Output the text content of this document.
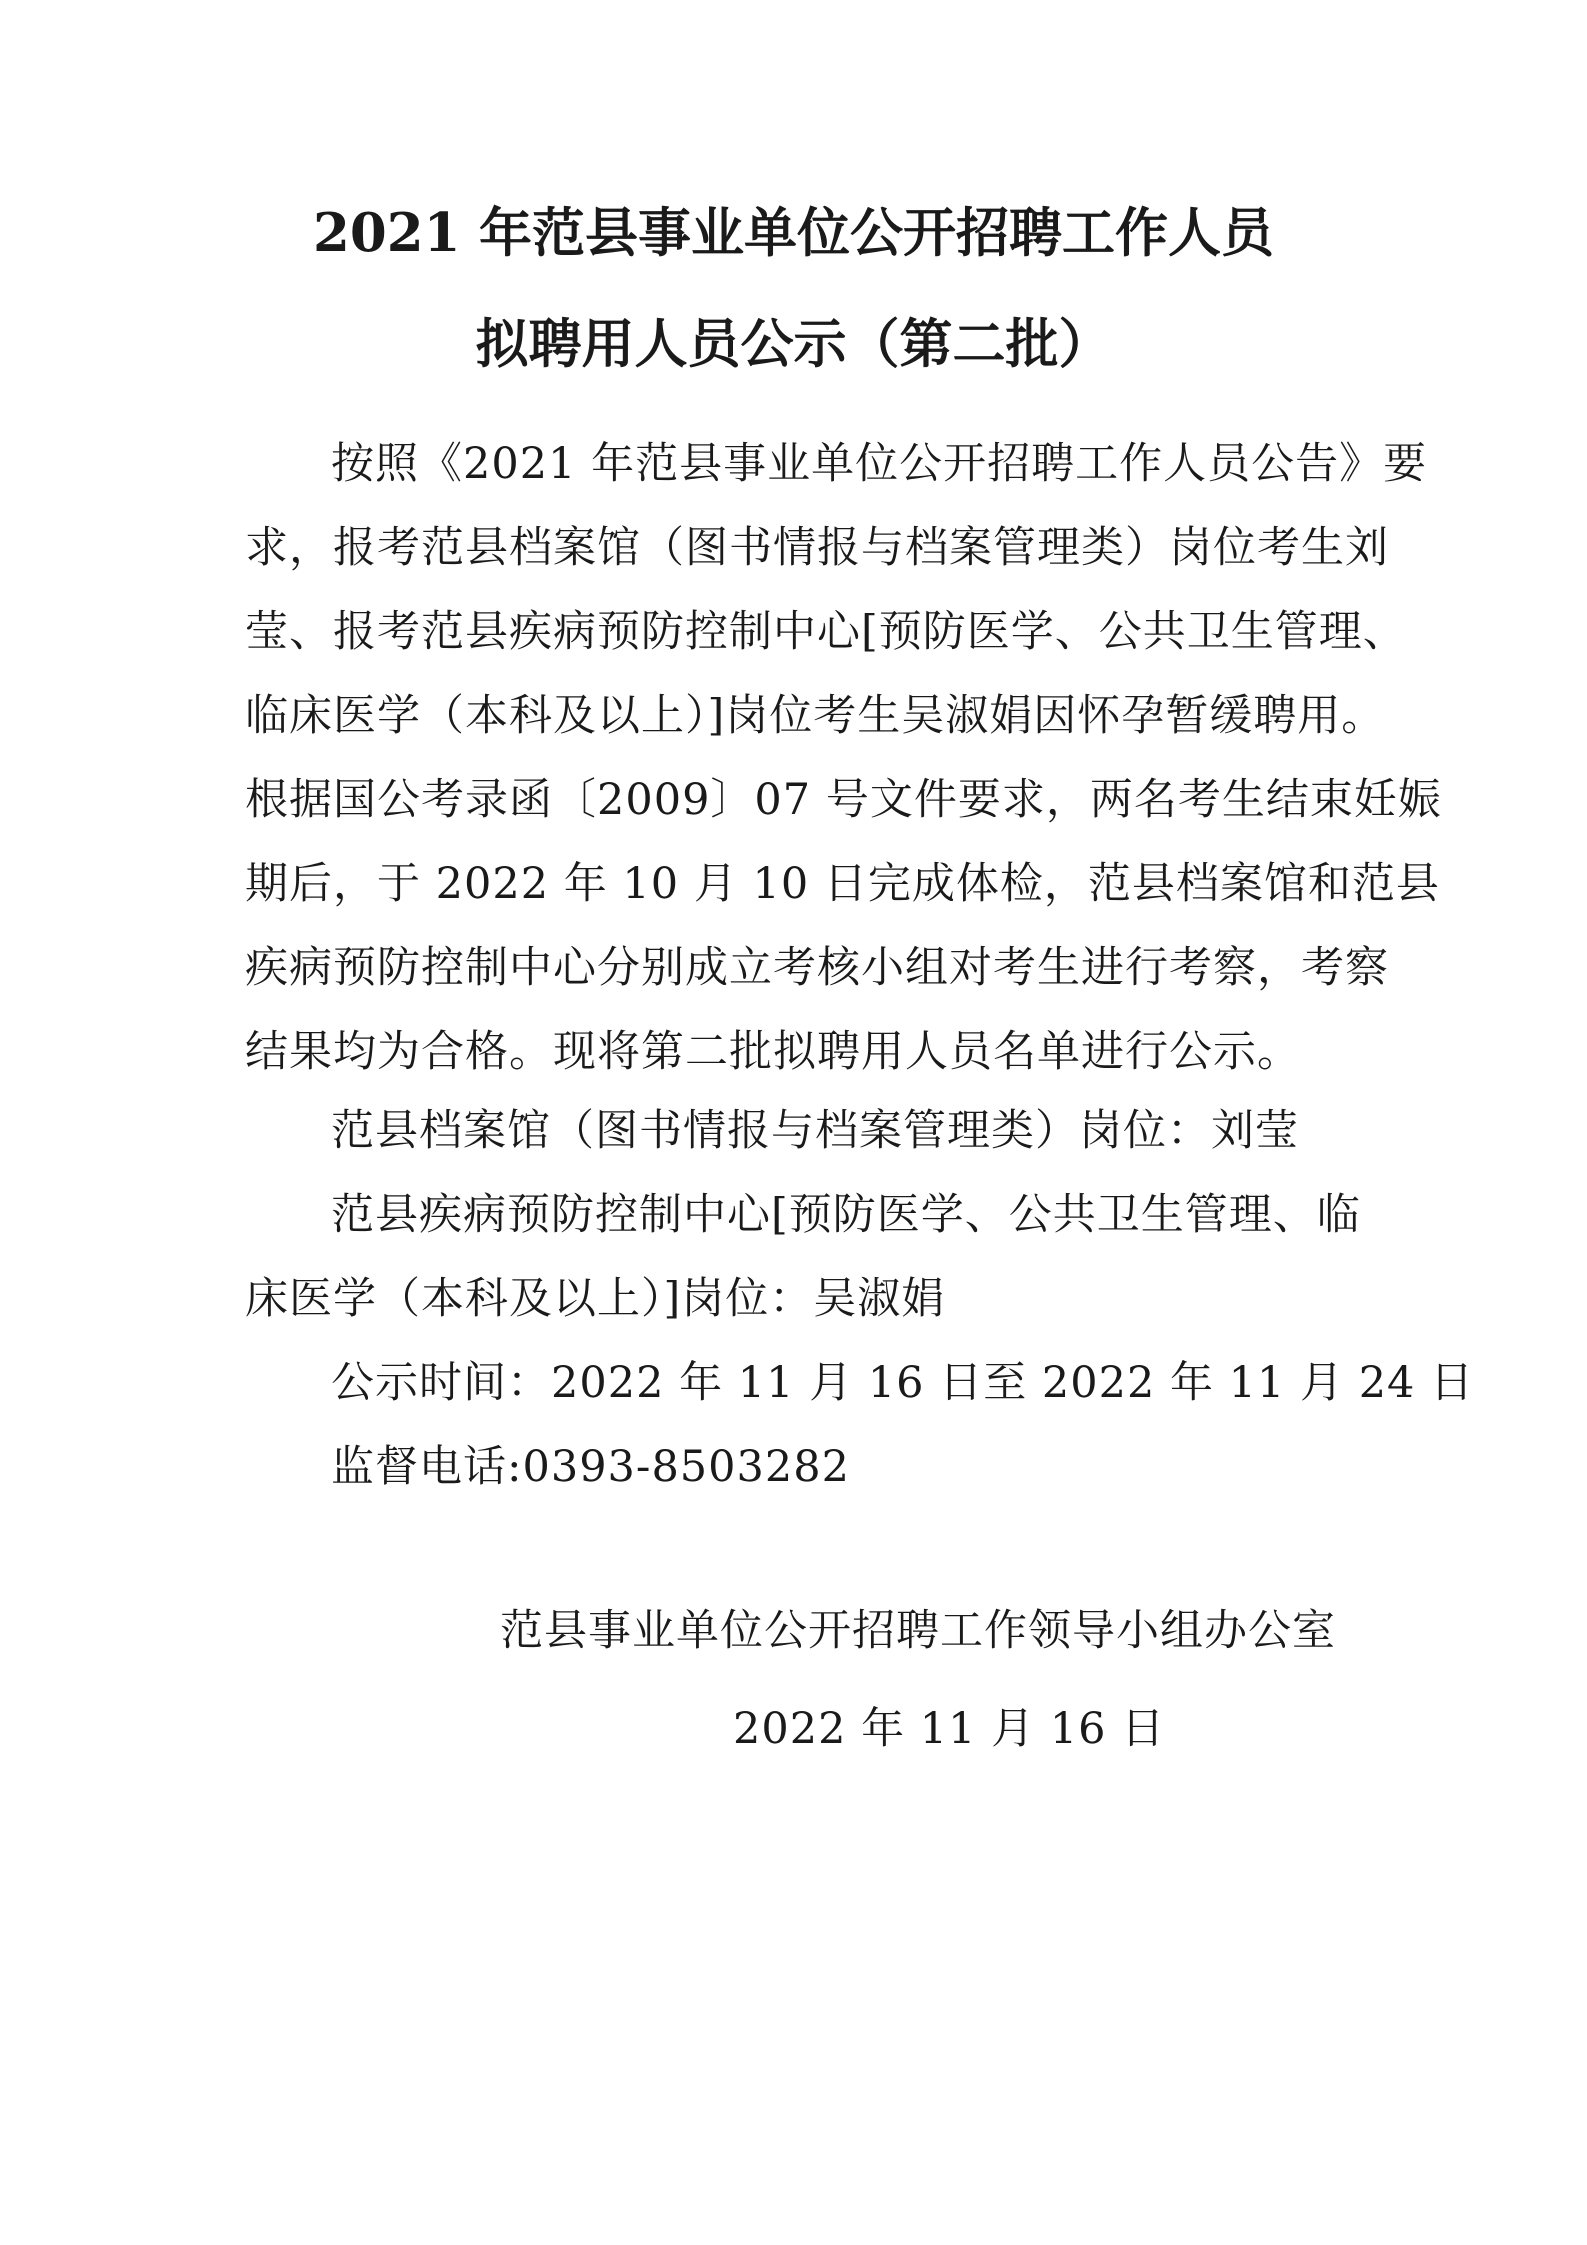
2021 年范县事业单位公开招聘工作人员
拟聘用人员公示（第二批）
按照《2021 年范县事业单位公开招聘工作人员公告》要
求，报考范县档案馆（图书情报与档案管理类）岗位考生刘
莹、报考范县疾病预防控制中心[预防医学、公共卫生管理、
临床医学（本科及以上）]岗位考生吴淑娟因怀孕暂缓聘用。
根据国公考录函〔2009〕07 号文件要求，两名考生结束妊娠
期后，于 2022 年 10 月 10 日完成体检，范县档案馆和范县
疾病预防控制中心分别成立考核小组对考生进行考察，考察
结果均为合格。现将第二批拟聘用人员名单进行公示。
范县档案馆（图书情报与档案管理类）岗位：刘莹
范县疾病预防控制中心[预防医学、公共卫生管理、临
床医学（本科及以上）]岗位：吴淑娟
公示时间：2022 年 11 月 16 日至 2022 年 11 月 24 日
监督电话:0393-8503282
范县事业单位公开招聘工作领导小组办公室
2022 年 11 月 16 日
